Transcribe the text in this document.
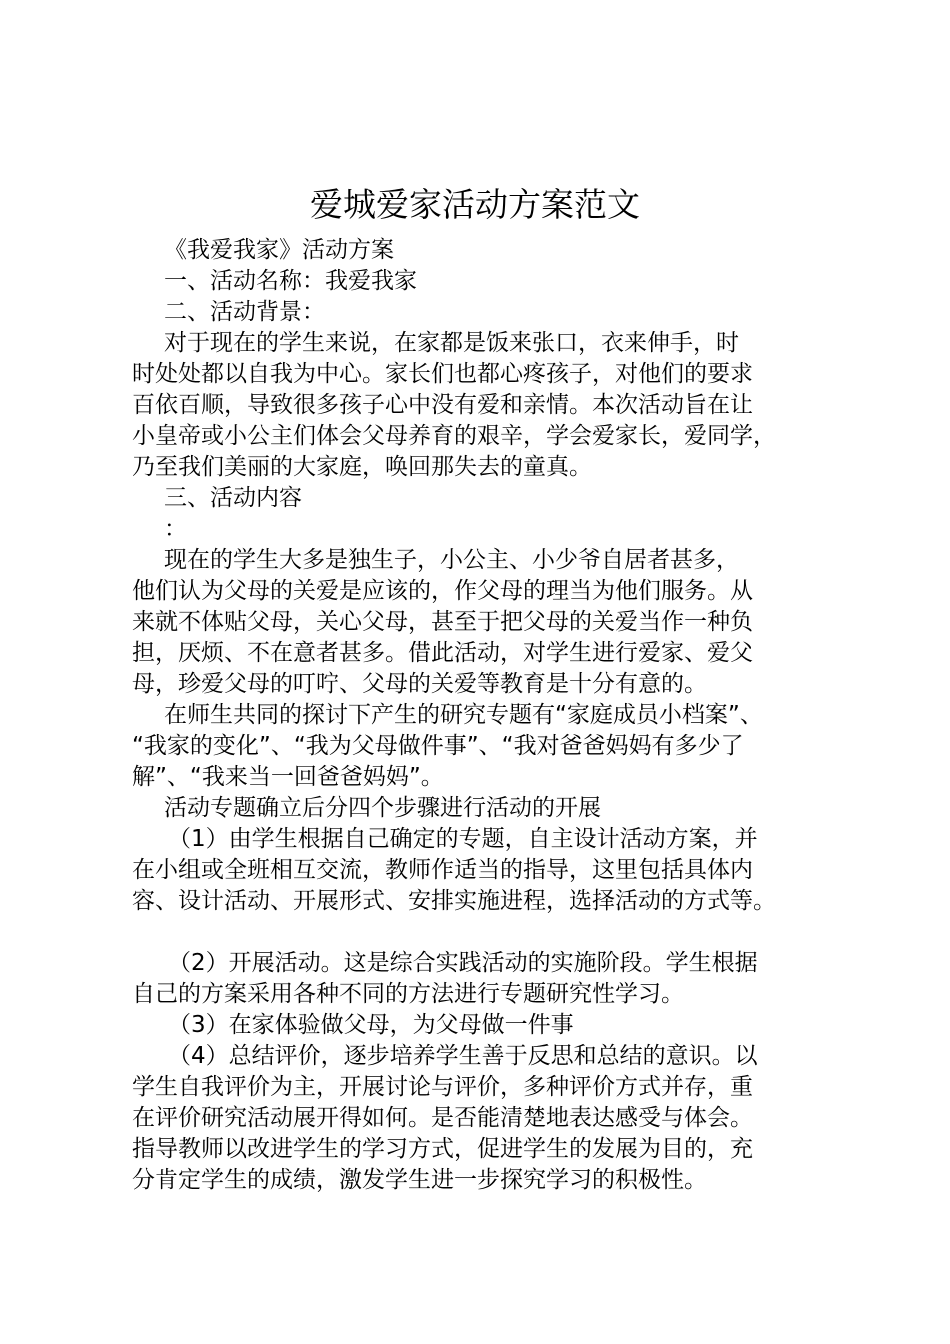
爱城爱家活动方案范文
《我爱我家》活动方案
一、活动名称：我爱我家
二、活动背景：
对于现在的学生来说，在家都是饭来张口，衣来伸手，时
时处处都以自我为中心。家长们也都心疼孩子，对他们的要求
百依百顺，导致很多孩子心中没有爱和亲情。本次活动旨在让
小皇帝或小公主们体会父母养育的艰辛，学会爱家长，爱同学，
乃至我们美丽的大家庭，唤回那失去的童真。
三、活动内容
：
现在的学生大多是独生子，小公主、小少爷自居者甚多，
他们认为父母的关爱是应该的，作父母的理当为他们服务。从
来就不体贴父母，关心父母，甚至于把父母的关爱当作一种负
担，厌烦、不在意者甚多。借此活动，对学生进行爱家、爱父
母，珍爱父母的叮咛、父母的关爱等教育是十分有意的。
在师生共同的探讨下产生的研究专题有“家庭成员小档案”、
“我家的变化”、“我为父母做件事”、“我对爸爸妈妈有多少了
解”、“我来当一回爸爸妈妈”。
活动专题确立后分四个步骤进行活动的开展
（1）由学生根据自己确定的专题，自主设计活动方案，并
在小组或全班相互交流，教师作适当的指导，这里包括具体内
容、设计活动、开展形式、安排实施进程，选择活动的方式等。
（2）开展活动。这是综合实践活动的实施阶段。学生根据
自己的方案采用各种不同的方法进行专题研究性学习。
（3）在家体验做父母，为父母做一件事
（4）总结评价，逐步培养学生善于反思和总结的意识。以
学生自我评价为主，开展讨论与评价，多种评价方式并存，重
在评价研究活动展开得如何。是否能清楚地表达感受与体会。
指导教师以改进学生的学习方式，促进学生的发展为目的，充
分肯定学生的成绩，激发学生进一步探究学习的积极性。
